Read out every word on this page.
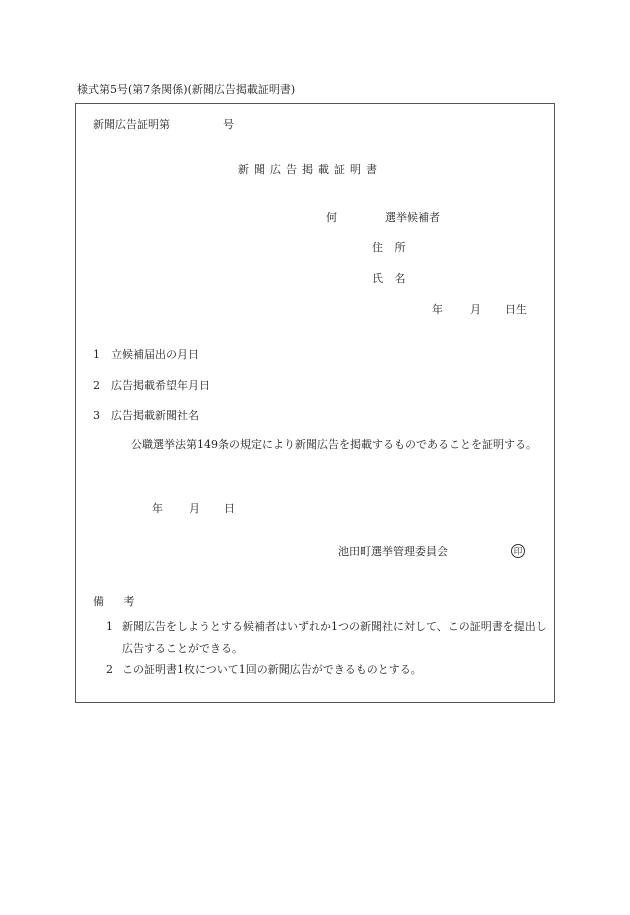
様式第5号(第7条関係)(新聞広告掲載証明書)
新聞広告証明第	号
新聞広告掲載証明書
何	選挙候補者
住 所
氏 名
年 月 日生
1 立候補届出の月日
2 広告掲載希望年月日
3 広告掲載新聞社名
公職選挙法第149条の規定により新聞広告を掲載するものであることを証明する。
年 月 日
池田町選挙管理委員会	印
備 考
1 新聞広告をしようとする候補者はいずれか1つの新聞社に対して、この証明書を提出し広告することができる。
2 この証明書1枚について1回の新聞広告ができるものとする。
